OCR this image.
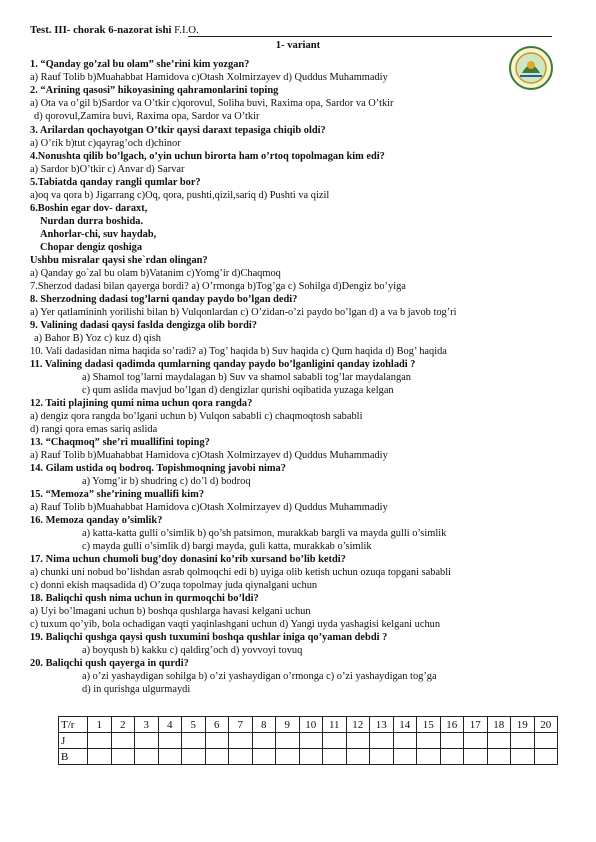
Test. III- chorak 6-nazorat ishi F.I.O.
1- variant
1. “Qanday go’zal bu olam” she’rini kim yozgan?
a) Rauf Tolib b)Muahabbat Hamidova c)Otash Xolmirzayev d) Quddus Muhammadiy
2. “Arining qasosi” hikoyasining qahramonlarini toping
a) Ota va o’gil b)Sardor va O’tkir c)qorovul, Soliha buvi, Raxima opa, Sardor va O’tkir
d) qorovul,Zamira buvi, Raxima opa, Sardor va O’tkir
3. Arilardan qochayotgan O’tkir qaysi daraxt tepasiga chiqib oldi?
a) O’rik b)tut c)qayrag’och d)chinor
4.Nonushta qilib bo’lgach, o’yin uchun birorta ham o’rtoq topolmagan kim edi?
a) Sardor b)O’tkir c) Anvar d) Sarvar
5.Tabiatda qanday rangli qumlar bor?
a)oq va qora b) Jigarrang c)Oq, qora, pushti,qizil,sariq d) Pushti va qizil
6.Boshin egar dov- daraxt,
Nurdan durra boshida.
Anhorlar-chi, suv haydab,
Chopar dengiz qoshiga
Ushbu misralar qaysi she`rdan olingan?
a) Qanday go`zal bu olam b)Vatanim c)Yomg’ir d)Chaqmoq
7.Sherzod dadasi bilan qayerga bordi? a) O’rmonga b)Tog’ga c) Sohilga d)Dengiz bo’yiga
8. Sherzodning dadasi tog’larni qanday paydo bo’lgan dedi?
a) Yer qatlamininh yorilishi bilan b) Vulqonlardan c) O’zidan-o’zi paydo bo’lgan d) a va b javob tog’ri
9. Valining dadasi qaysi faslda dengizga olib bordi?
a) Bahor B) Yoz c) kuz d) qish
10. Vali dadasidan nima haqida so’radi? a) Tog’ haqida b) Suv haqida c) Qum haqida d) Bog’ haqida
11. Valining dadasi qadimda qumlarning qanday paydo bo’lganligini qanday izohladi ?
a) Shamol tog’larni maydalagan b) Suv va shamol sababli tog’lar maydalangan
c) qum aslida mavjud bo’lgan d) dengizlar qurishi oqibatida yuzaga kelgan
12. Taiti plajining qumi nima uchun qora rangda?
a) dengiz qora rangda bo’lgani uchun b) Vulqon sababli c) chaqmoqtosh sababli
d) rangi qora emas sariq aslida
13. “Chaqmoq” she’ri muallifini toping?
a) Rauf Tolib b)Muahabbat Hamidova c)Otash Xolmirzayev d) Quddus Muhammadiy
14. Gilam ustida oq bodroq. Topishmoqning javobi nima?
a) Yomg’ir b) shudring c) do’l d) bodroq
15. “Memoza” she’rining muallifi kim?
a) Rauf Tolib b)Muahabbat Hamidova c)Otash Xolmirzayev d) Quddus Muhammadiy
16. Memoza qanday o’simlik?
a) katta-katta gulli o’simlik b) qo’sh patsimon, murakkab bargli va mayda gulli o’simlik
c) mayda gulli o’simlik d) bargi mayda, guli katta, murakkab o’simlik
17. Nima uchun chumoli bug’doy donasini ko’rib xursand bo’lib ketdi?
a) chunki uni nobud bo’lishdan asrab qolmoqchi edi b) uyiga olib ketish uchun ozuqa topgani sababli
c) donni ekish maqsadida d) O’zuqa topolmay juda qiynalgani uchun
18. Baliqchi qush nima uchun in qurmoqchi bo’ldi?
a) Uyi bo’lmagani uchun b) boshqa qushlarga havasi kelgani uchun
c) tuxum qo’yib, bola ochadigan vaqti yaqinlashgani uchun d) Yangi uyda yashagisi kelgani uchun
19. Baliqchi qushga qaysi qush tuxumini boshqa qushlar iniga qo’yaman debdi ?
a) boyqush b) kakku c) qaldirg’och d) yovvoyi tovuq
20. Baliqchi qush qayerga in qurdi?
a) o’zi yashaydigan sohilga b) o’zi yashaydigan o’rmonga c) o’zi yashaydigan tog’ga
d) in qurishga ulgurmaydi
T/r	1	2	3	4	5	6	7	8	9	10	11	12	13	14	15	16	17	18	19	20
J																				
B																				
